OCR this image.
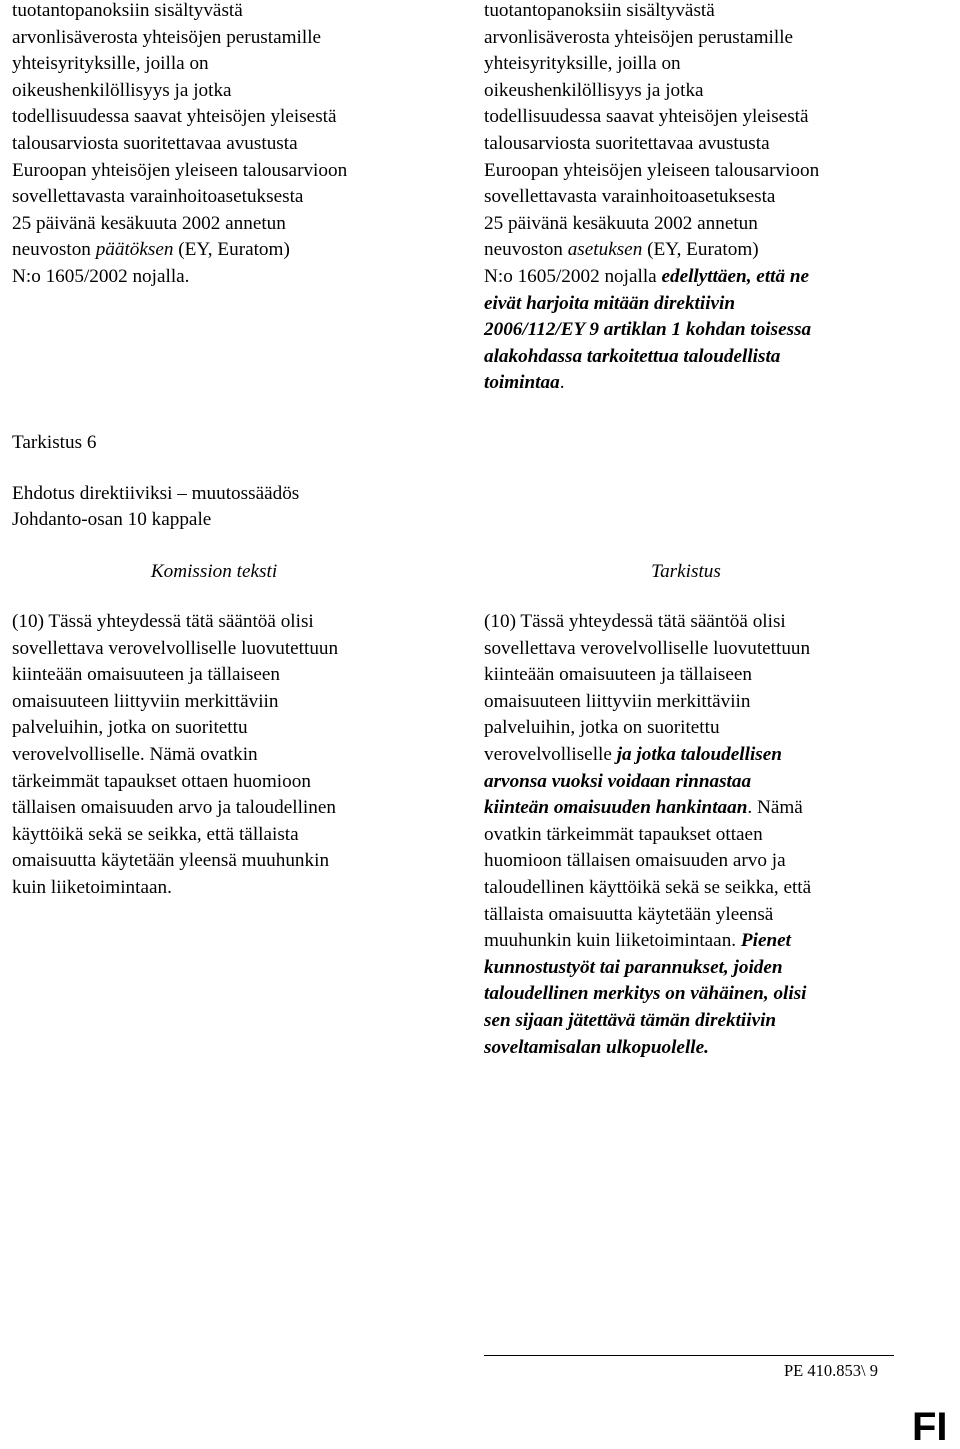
tuotantopanoksiin sisältyvästä
arvonlisäverosta yhteisöjen perustamille
yhteisyrityksille, joilla on
oikeushenkilöllisyys ja jotka
todellisuudessa saavat yhteisöjen yleisestä
talousarviosta suoritettavaa avustusta
Euroopan yhteisöjen yleiseen talousarvioon
sovellettavasta varainhoitoasetuksesta
25 päivänä kesäkuuta 2002 annetun
neuvoston päätöksen (EY, Euratom)
N:o 1605/2002 nojalla.
tuotantopanoksiin sisältyvästä
arvonlisäverosta yhteisöjen perustamille
yhteisyrityksille, joilla on
oikeushenkilöllisyys ja jotka
todellisuudessa saavat yhteisöjen yleisestä
talousarviosta suoritettavaa avustusta
Euroopan yhteisöjen yleiseen talousarvioon
sovellettavasta varainhoitoasetuksesta
25 päivänä kesäkuuta 2002 annetun
neuvoston asetuksen (EY, Euratom)
N:o 1605/2002 nojalla edellyttäen, että ne
eivät harjoita mitään direktiivin
2006/112/EY 9 artiklan 1 kohdan toisessa
alakohdassa tarkoitettua taloudellista
toimintaa.
Tarkistus 6
Ehdotus direktiiviksi – muutossäädös
Johdanto-osan 10 kappale
Komission teksti	Tarkistus
(10) Tässä yhteydessä tätä sääntöä olisi
sovellettava verovelvolliselle luovutettuun
kiinteään omaisuuteen ja tällaiseen
omaisuuteen liittyviin merkittäviin
palveluihin, jotka on suoritettu
verovelvolliselle. Nämä ovatkin
tärkeimmät tapaukset ottaen huomioon
tällaisen omaisuuden arvo ja taloudellinen
käyttöikä sekä se seikka, että tällaista
omaisuutta käytetään yleensä muuhunkin
kuin liiketoimintaan.
(10) Tässä yhteydessä tätä sääntöä olisi
sovellettava verovelvolliselle luovutettuun
kiinteään omaisuuteen ja tällaiseen
omaisuuteen liittyviin merkittäviin
palveluihin, jotka on suoritettu
verovelvolliselle ja jotka taloudellisen
arvonsa vuoksi voidaan rinnastaa
kiinteän omaisuuden hankintaan. Nämä
ovatkin tärkeimmät tapaukset ottaen
huomioon tällaisen omaisuuden arvo ja
taloudellinen käyttöikä sekä se seikka, että
tällaista omaisuutta käytetään yleensä
muuhunkin kuin liiketoimintaan. Pienet
kunnostustyöt tai parannukset, joiden
taloudellinen merkitys on vähäinen, olisi
sen sijaan jätettävä tämän direktiivin
soveltamisalan ulkopuolelle.
PE 410.853\ 9
FI
